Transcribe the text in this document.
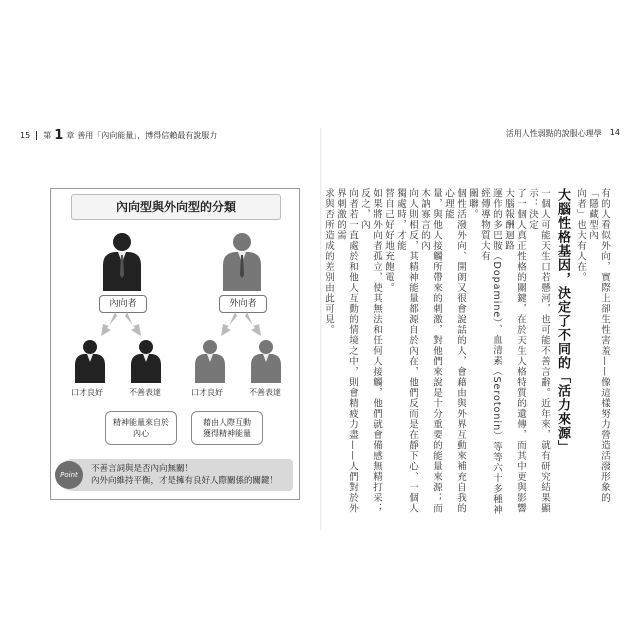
15 第 1 章 善用「內向能量」，博得信賴最有說服力
內向型與外向型的分類
內向者	外向者
口才良好	不善表達	口才良好	不善表達
精神能量來自於
內心
藉由人際互動
獲得精神能量
Point
不善言詞與是否內向無關！
內外向維持平衡，才是擁有良好人際關係的關鍵！
活用人性弱點的說服心理學 14

有的人看似外向，實際上卻生性害羞——像這樣努力營造活潑形象的「隱藏型內

向者」也大有人在。

大腦性格基因，決定了不同的「活力來源」

一個人可能天生口若懸河，也可能不善言辭。近年來，就有研究結果顯示：決定

了一個人真正性格的關鍵，在於天生人格特質的遺傳，而其中更與影響大腦報酬迴路

運作的多巴胺（Dopamine）、血清素（Serotonin）等等六十多種神經傳導物質大有

關聯。

個性活潑外向、開朗又很會說話的人，會藉由與外界互動來補充自我的心理能

量，與他人接觸所帶來的刺激，對他們來說是十分重要的能量來源；而木訥寡言的內

向人則相反，其精神能量都源自於內在，他們反而是在靜下心、一個人獨處時，才能

替自己好好地充飽電。

如果將外向者孤立，使其無法和任何人接觸，他們就會備感無精打采；反之，內

向者若一直處於和他人互動的情境之中，則會精疲力盡——人們對於外界刺激的需

求與否所造成的差別由此可見。
